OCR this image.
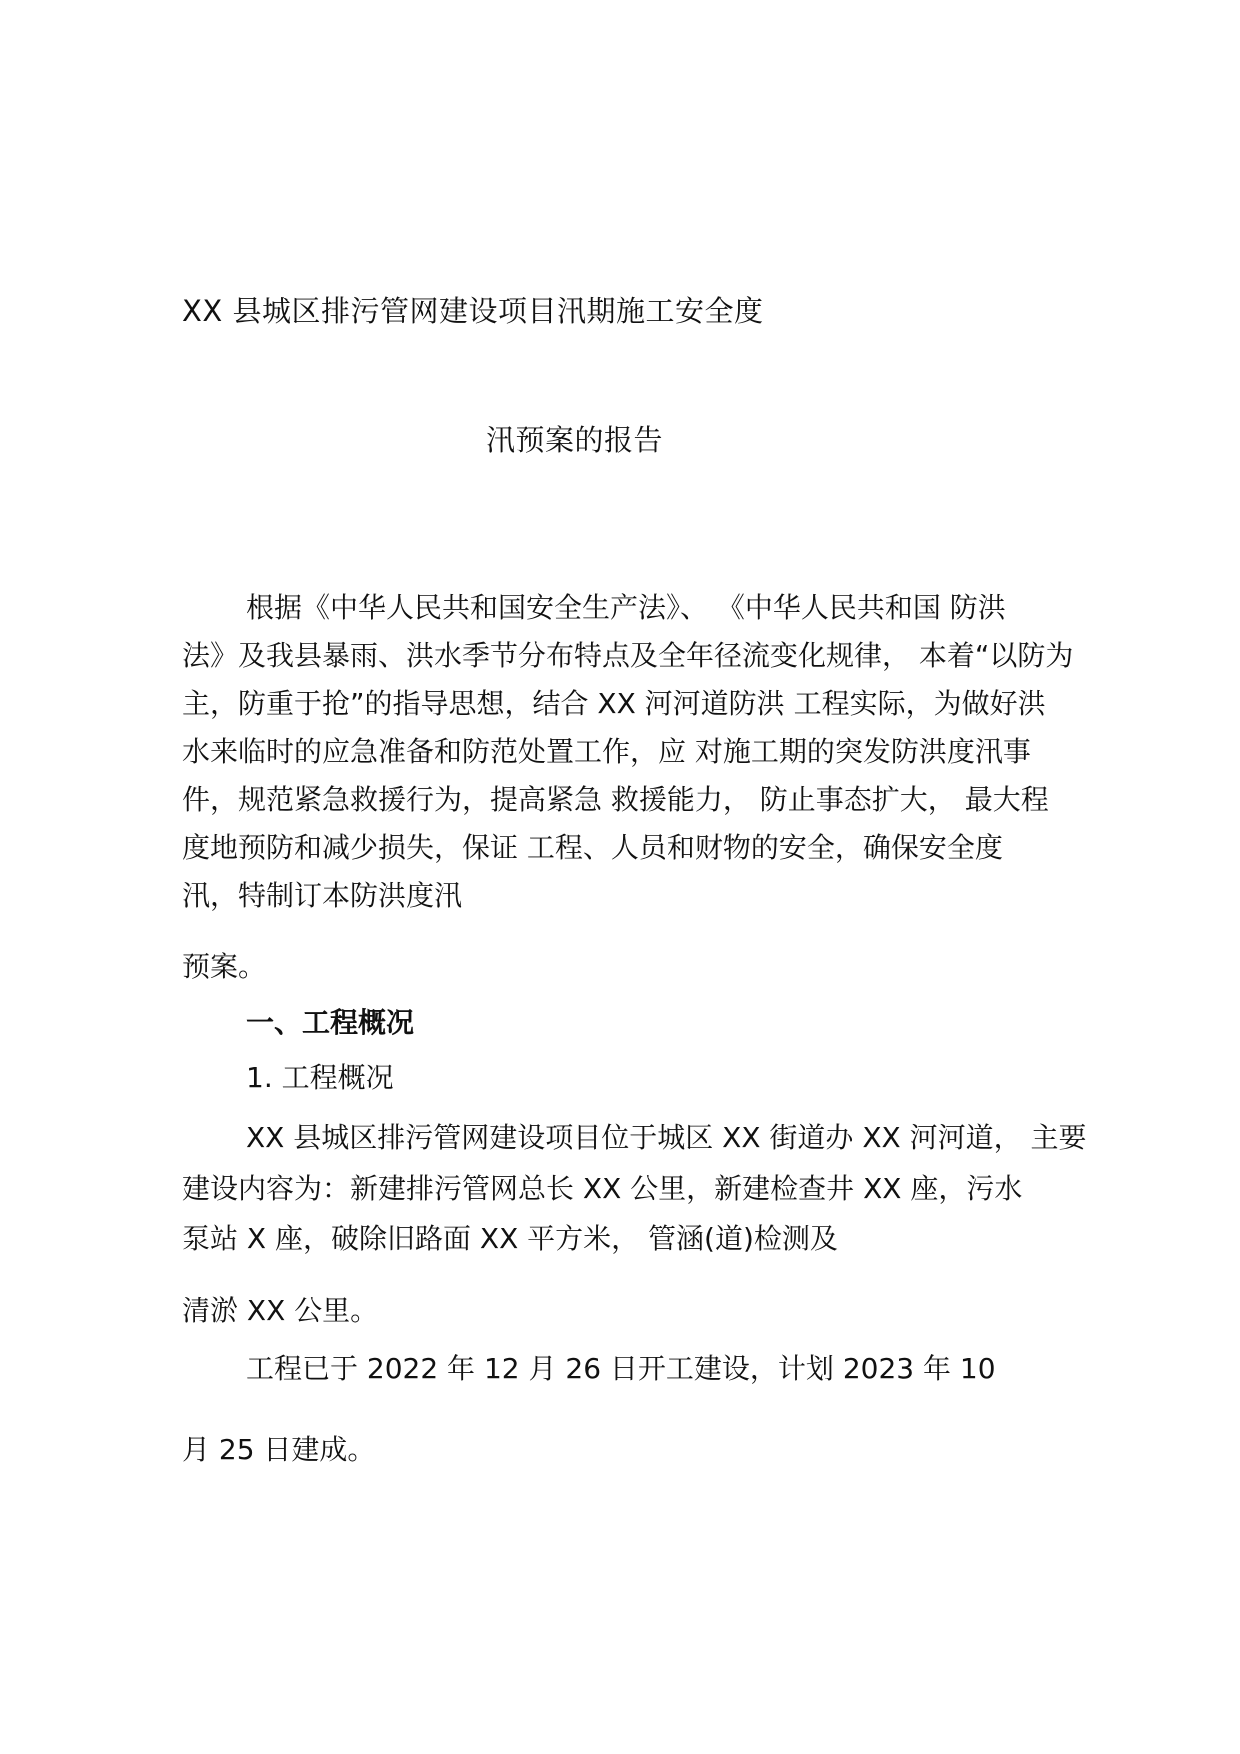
XX 县城区排污管网建设项目汛期施工安全度

汛预案的报告

根据《中华人民共和国安全生产法》、 《中华人民共和国 防洪

法》及我县暴雨、洪水季节分布特点及全年径流变化规律， 本着“以防为

主，防重于抢”的指导思想，结合 XX 河河道防洪 工程实际，为做好洪

水来临时的应急准备和防范处置工作，应 对施工期的突发防洪度汛事

件，规范紧急救援行为，提高紧急 救援能力， 防止事态扩大， 最大程

度地预防和减少损失，保证 工程、人员和财物的安全，确保安全度

汛，特制订本防洪度汛

预案。

一、工程概况

1. 工程概况

XX 县城区排污管网建设项目位于城区 XX 街道办 XX 河河道， 主要

建设内容为：新建排污管网总长 XX 公里，新建检查井 XX 座，污水

泵站 X 座，破除旧路面 XX 平方米， 管涵(道)检测及

清淤 XX 公里。

工程已于 2022 年 12 月 26 日开工建设，计划 2023 年 10

月 25 日建成。
